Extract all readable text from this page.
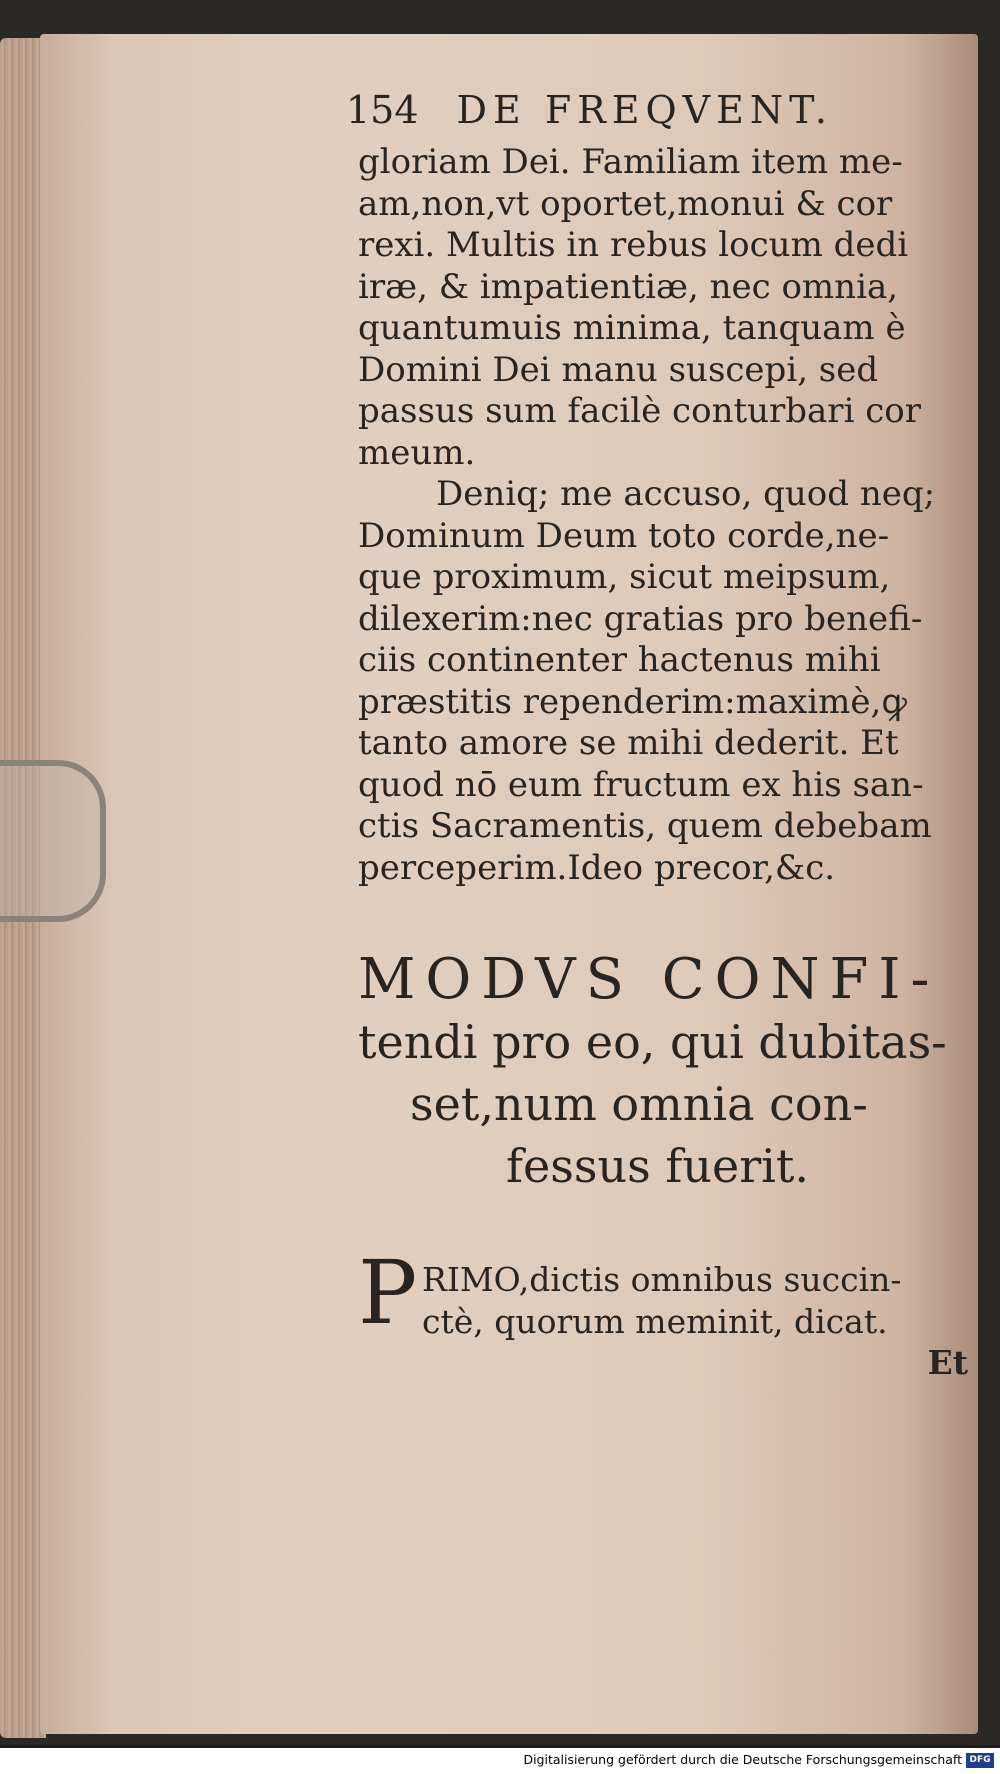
154 DE FREQVENT.
gloriam Dei. Familiam item me-
am,non,vt oportet,monui & cor
rexi. Multis in rebus locum dedi
iræ, & impatientiæ, nec omnia,
quantumuis minima, tanquam è
Domini Dei manu suscepi, sed
passus sum facilè conturbari cor
meum.
Deniq; me accuso, quod neq;
Dominum Deum toto corde,ne-
que proximum, sicut meipsum,
dilexerim:nec gratias pro benefi-
ciis continenter hactenus mihi
præstitis rependerim:maximè,ꝙ
tanto amore se mihi dederit. Et
quod nō eum fructum ex his san-
ctis Sacramentis, quem debebam
perceperim.Ideo precor,&c.
MODVS CONFI-
tendi pro eo, qui dubitas-
set,num omnia con-
fessus fuerit.
P RIMO,dictis omnibus succin-
ctè, quorum meminit, dicat.
Et
Digitalisierung gefördert durch die Deutsche Forschungsgemeinschaft DFG
